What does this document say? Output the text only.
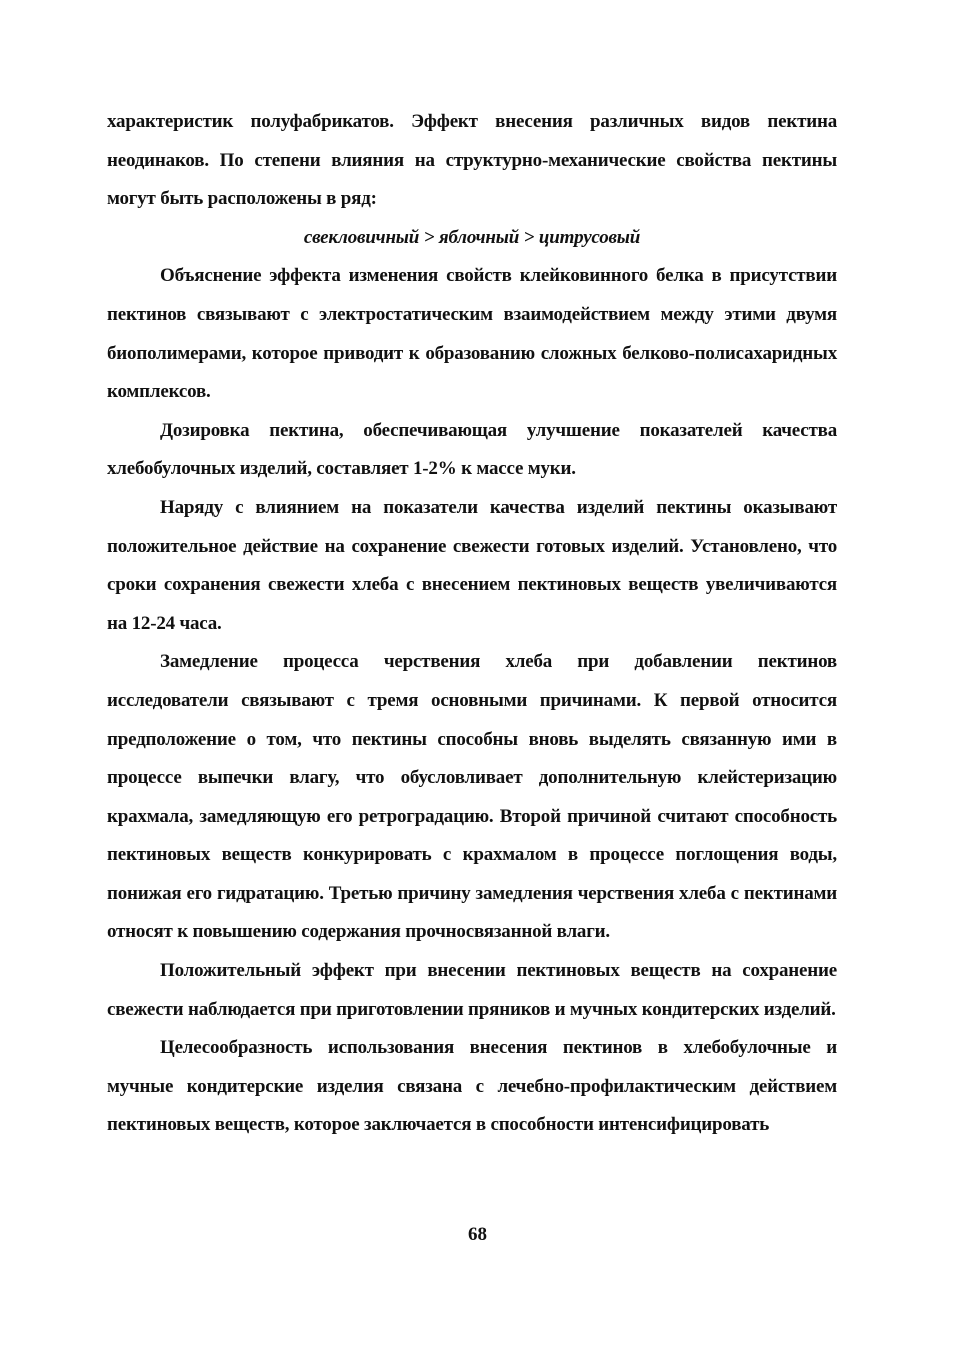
характеристик полуфабрикатов. Эффект внесения различных видов пектина неодинаков. По степени влияния на структурно-механические свойства пектины могут быть расположены в ряд:

свекловичный > яблочный > цитрусовый

Объяснение эффекта изменения свойств клейковинного белка в присутствии пектинов связывают с электростатическим взаимодействием между этими двумя биополимерами, которое приводит к образованию сложных белково-полисахаридных комплексов.

Дозировка пектина, обеспечивающая улучшение показателей качества хлебобулочных изделий, составляет 1-2% к массе муки.

Наряду с влиянием на показатели качества изделий пектины оказывают положительное действие на сохранение свежести готовых изделий. Установлено, что сроки сохранения свежести хлеба с внесением пектиновых веществ увеличиваются на 12-24 часа.

Замедление процесса черствения хлеба при добавлении пектинов исследователи связывают с тремя основными причинами. К первой относится предположение о том, что пектины способны вновь выделять связанную ими в процессе выпечки влагу, что обусловливает дополнительную клейстеризацию крахмала, замедляющую его ретроградацию. Второй причиной считают способность пектиновых веществ конкурировать с крахмалом в процессе поглощения воды, понижая его гидратацию. Третью причину замедления черствения хлеба с пектинами относят к повышению содержания прочносвязанной влаги.

Положительный эффект при внесении пектиновых веществ на сохранение свежести наблюдается при приготовлении пряников и мучных кондитерских изделий.

Целесообразность использования внесения пектинов в хлебобулочные и мучные кондитерские изделия связана с лечебно-профилактическим действием пектиновых веществ, которое заключается в способности интенсифицировать

68
